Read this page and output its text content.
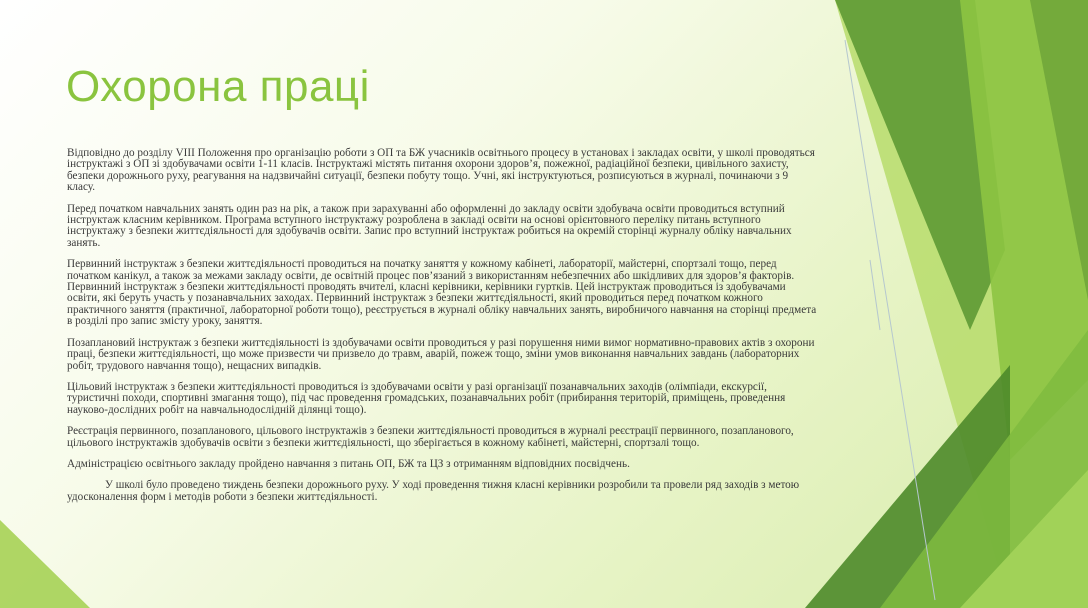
Охорона праці

Відповідно до розділу VIII Положення про організацію роботи з ОП та БЖ учасників освітнього процесу в установах і закладах освіти, у школі проводяться інструктажі з ОП зі здобувачами освіти 1-11 класів. Інструктажі містять питання охорони здоров’я, пожежної, радіаційної безпеки, цивільного захисту, безпеки дорожнього руху, реагування на надзвичайні ситуації, безпеки побуту тощо. Учні, які інструктуються, розписуються в журналі, починаючи з 9 класу.

Перед початком навчальних занять один раз на рік, а також при зарахуванні або оформленні до закладу освіти здобувача освіти проводиться вступний інструктаж класним керівником. Програма вступного інструктажу розроблена в закладі освіти на основі орієнтовного переліку питань вступного інструктажу з безпеки життєдіяльності для здобувачів освіти. Запис про вступний інструктаж робиться на окремій сторінці журналу обліку навчальних занять.

Первинний інструктаж з безпеки життєдіяльності проводиться на початку заняття у кожному кабінеті, лабораторії, майстерні, спортзалі тощо, перед початком канікул, а також за межами закладу освіти, де освітній процес пов’язаний з використанням небезпечних або шкідливих для здоров’я факторів. Первинний інструктаж з безпеки життєдіяльності проводять вчителі, класні керівники, керівники гуртків. Цей інструктаж проводиться із здобувачами освіти, які беруть участь у позанавчальних заходах. Первинний інструктаж з безпеки життєдіяльності, який проводиться перед початком кожного практичного заняття (практичної, лабораторної роботи тощо), реєструється в журналі обліку навчальних занять, виробничого навчання на сторінці предмета в розділі про запис змісту уроку, заняття.

Позаплановий інструктаж з безпеки життєдіяльності із здобувачами освіти проводиться у разі порушення ними вимог нормативно-правових актів з охорони праці, безпеки життєдіяльності, що може призвести чи призвело до травм, аварій, пожеж тощо, зміни умов виконання навчальних завдань (лабораторних робіт, трудового навчання тощо), нещасних випадків.

Цільовий інструктаж з безпеки життєдіяльності проводиться із здобувачами освіти у разі організації позанавчальних заходів (олімпіади, екскурсії, туристичні походи, спортивні змагання тощо), під час проведення громадських, позанавчальних робіт (прибирання територій, приміщень, проведення науково-дослідних робіт на навчальнодослідній ділянці тощо).

Реєстрація первинного, позапланового, цільового інструктажів з безпеки життєдіяльності проводиться в журналі реєстрації первинного, позапланового, цільового інструктажів здобувачів освіти з безпеки життєдіяльності, що зберігається в кожному кабінеті, майстерні, спортзалі тощо.

Адміністрацією освітнього закладу пройдено навчання з питань ОП, БЖ та ЦЗ з отриманням відповідних посвідчень.

У школі було проведено тиждень безпеки дорожнього руху. У ході проведення тижня класні керівники розробили та провели ряд заходів з метою удосконалення форм і методів роботи з безпеки життєдіяльності.
